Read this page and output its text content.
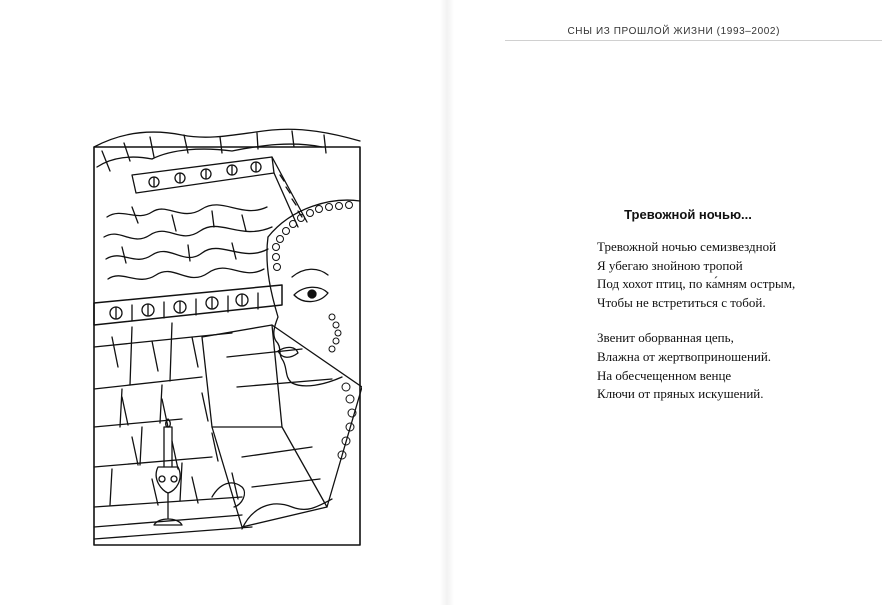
СНЫ ИЗ ПРОШЛОЙ ЖИЗНИ (1993–2002)
Тревожной ночью...
Тревожной ночью семизвездной
Я убегаю знойною тропой
Под хохот птиц, по ка́мням острым,
Чтобы не встретиться с тобой.
Звенит оборванная цепь,
Влажна от жертвоприношений.
На обесчещенном венце
Ключи от пряных искушений.
